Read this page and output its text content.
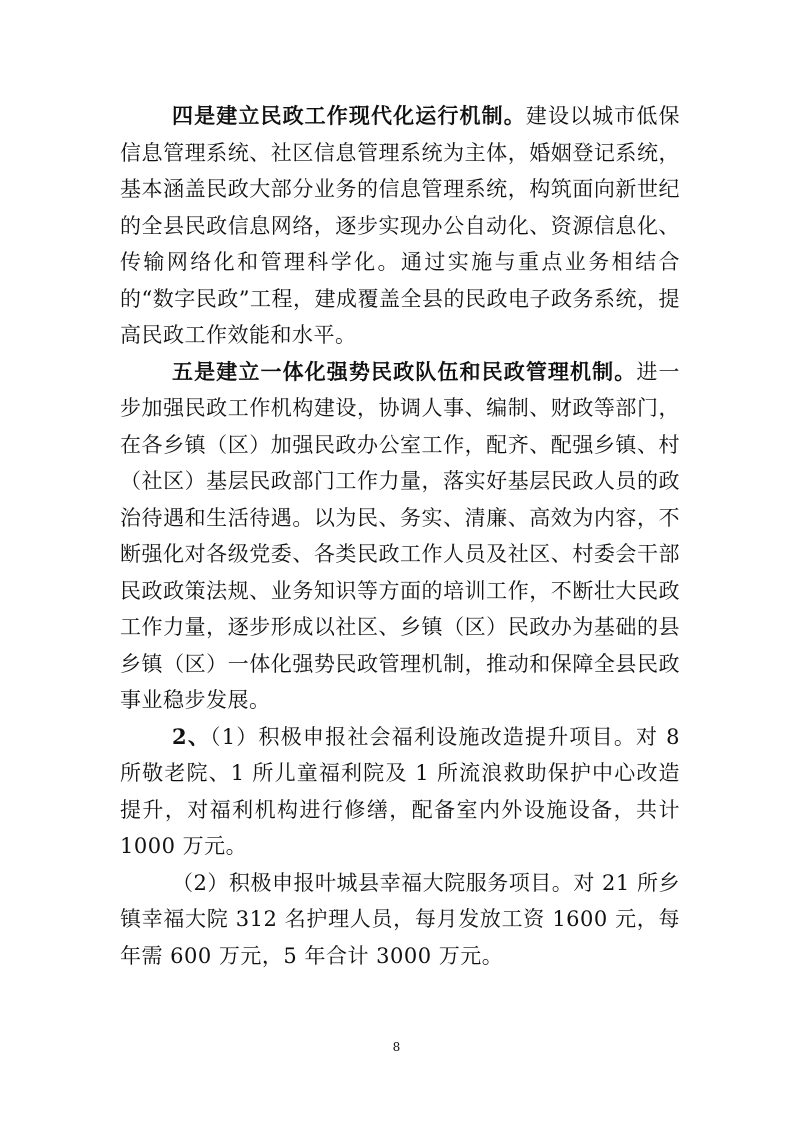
四是建立民政工作现代化运行机制。建设以城市低保信息管理系统、社区信息管理系统为主体，婚姻登记系统，基本涵盖民政大部分业务的信息管理系统，构筑面向新世纪的全县民政信息网络，逐步实现办公自动化、资源信息化、传输网络化和管理科学化。通过实施与重点业务相结合的“数字民政”工程，建成覆盖全县的民政电子政务系统，提高民政工作效能和水平。

五是建立一体化强势民政队伍和民政管理机制。进一步加强民政工作机构建设，协调人事、编制、财政等部门，在各乡镇（区）加强民政办公室工作，配齐、配强乡镇、村（社区）基层民政部门工作力量，落实好基层民政人员的政治待遇和生活待遇。以为民、务实、清廉、高效为内容，不断强化对各级党委、各类民政工作人员及社区、村委会干部民政政策法规、业务知识等方面的培训工作，不断壮大民政工作力量，逐步形成以社区、乡镇（区）民政办为基础的县乡镇（区）一体化强势民政管理机制，推动和保障全县民政事业稳步发展。

2、（1）积极申报社会福利设施改造提升项目。对 8 所敬老院、1 所儿童福利院及 1 所流浪救助保护中心改造提升，对福利机构进行修缮，配备室内外设施设备，共计 1000 万元。

（2）积极申报叶城县幸福大院服务项目。对 21 所乡镇幸福大院 312 名护理人员，每月发放工资 1600 元，每年需 600 万元，5 年合计 3000 万元。

8
